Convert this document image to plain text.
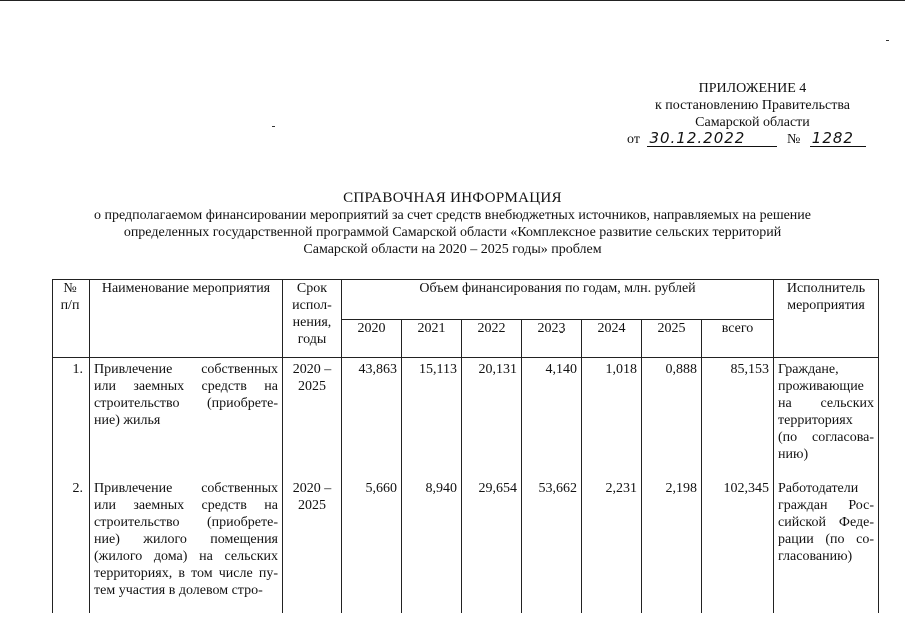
ПРИЛОЖЕНИЕ 4
к постановлению Правительства
Самарской области
от 30.12.2022	№ 1282
СПРАВОЧНАЯ ИНФОРМАЦИЯ
о предполагаемом финансировании мероприятий за счет средств внебюджетных источников, направляемых на решение
определенных государственной программой Самарской области «Комплексное развитие сельских территорий
Самарской области на 2020 – 2025 годы» проблем
№ п/п	Наименование мероприятия	Срок испол-нения, годы	Объем финансирования по годам, млн. рублей							Исполнитель мероприятия
			2020	2021	2022	2023	2024	2025	всего	
1.	Привлечение собственных или заемных средств на строительство (приобрете-ние) жилья	2020 – 2025	43,863	15,113	20,131	4,140	1,018	0,888	85,153	Граждане, проживающие на сельских территориях (по согласова-нию)
2.	Привлечение собственных или заемных средств на строительство (приобрете-ние) жилого помещения (жилого дома) на сельских территориях, в том числе пу-тем участия в долевом стро-	2020 – 2025	5,660	8,940	29,654	53,662	2,231	2,198	102,345	Работодатели граждан Рос-сийской Феде-рации (по со-гласованию)
